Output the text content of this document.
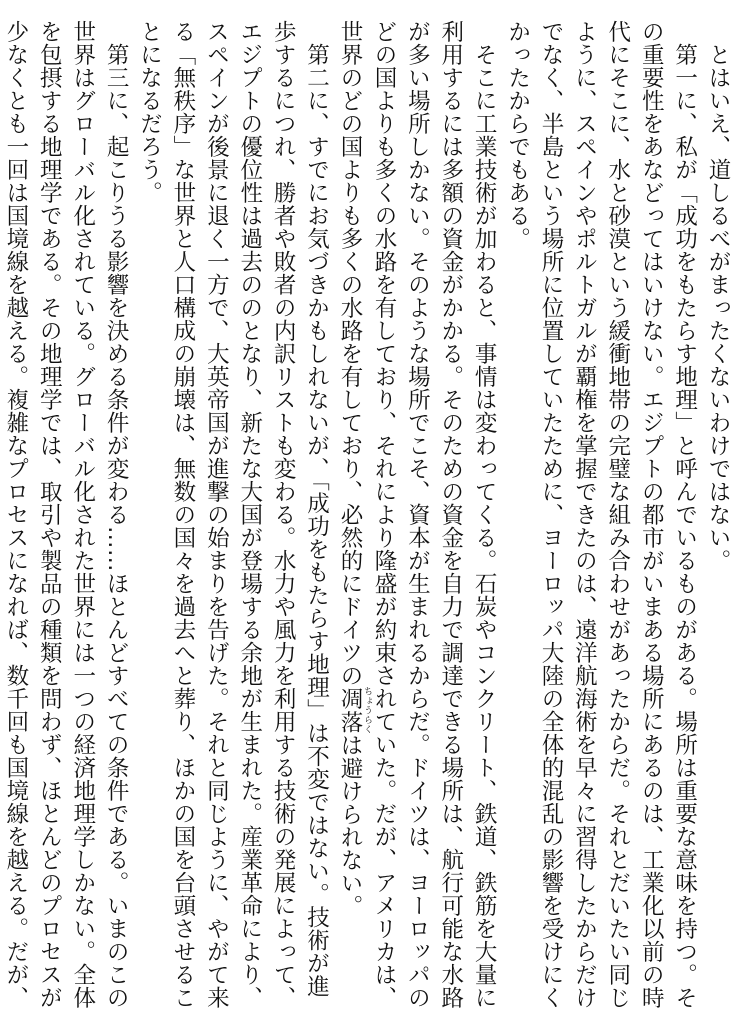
とはいえ、道しるべがまったくないわけではない。

第一に、私が「成功をもたらす地理」と呼んでいるものがある。場所は重要な意味を持つ。その重要性をあなどってはいけない。エジプトの都市がいまある場所にあるのは、工業化以前の時代にそこに、水と砂漠という緩衝地帯の完璧な組み合わせがあったからだ。それとだいたい同じように、スペインやポルトガルが覇権を掌握できたのは、遠洋航海術を早々に習得したからだけでなく、半島という場所に位置していたために、ヨーロッパ大陸の全体的混乱の影響を受けにくかったからでもある。

そこに工業技術が加わると、事情は変わってくる。石炭やコンクリート、鉄道、鉄筋を大量に利用するには多額の資金がかかる。そのための資金を自力で調達できる場所は、航行可能な水路が多い場所しかない。そのような場所でこそ、資本が生まれるからだ。ドイツは、ヨーロッパのどの国よりも多くの水路を有しており、それにより隆盛が約束されていた。だが、アメリカは、世界のどの国よりも多くの水路を有しており、必然的にドイツの凋落 ちょうらくは避けられない。

第二に、すでにお気づきかもしれないが、「成功をもたらす地理」は不変ではない。技術が進歩するにつれ、勝者や敗者の内訳リストも変わる。水力や風力を利用する技術の発展によって、エジプトの優位性は過去ののとなり、新たな大国が登場する余地が生まれた。産業革命により、スペインが後景に退く一方で、大英帝国が進撃の始まりを告げた。それと同じように、やがて来る「無秩序」な世界と人口構成の崩壊は、無数の国々を過去へと葬り、ほかの国を台頭させることになるだろう。

第三に、起こりうる影響を決める条件が変わる……ほとんどすべての条件である。いまのこの世界はグローバル化されている。グローバル化された世界には一つの経済地理学しかない。全体を包摂する地理学である。その地理学では、取引や製品の種類を問わず、ほとんどのプロセスが少なくとも一回は国境線を越える。複雑なプロセスになれば、数千回も国境線を越える。だが、
